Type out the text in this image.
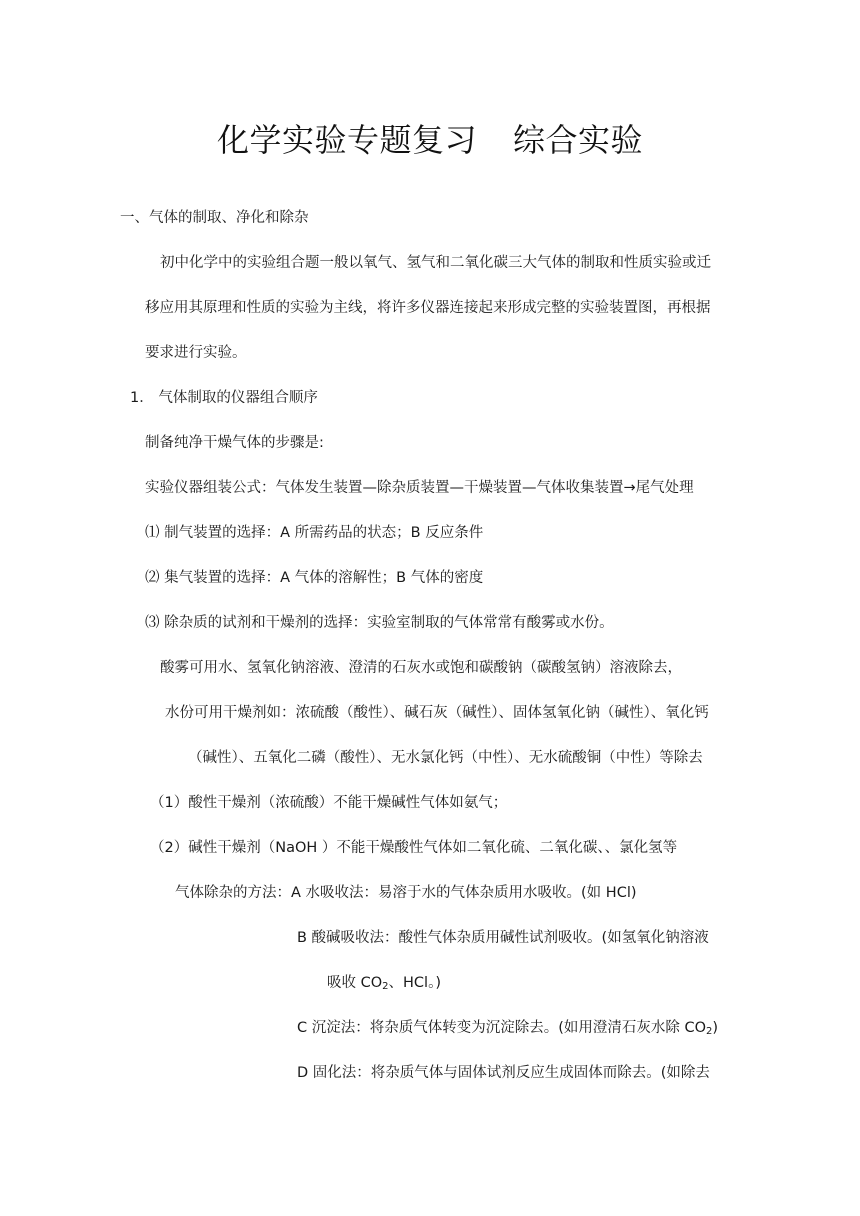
化学实验专题复习 综合实验
一、气体的制取、净化和除杂
初中化学中的实验组合题一般以氧气、氢气和二氧化碳三大气体的制取和性质实验或迁
移应用其原理和性质的实验为主线，将许多仪器连接起来形成完整的实验装置图，再根据
要求进行实验。
1． 气体制取的仪器组合顺序
制备纯净干燥气体的步骤是:
实验仪器组装公式：气体发生装置—除杂质装置—干燥装置—气体收集装置→尾气处理
⑴ 制气装置的选择：A 所需药品的状态；B 反应条件
⑵ 集气装置的选择：A 气体的溶解性；B 气体的密度
⑶ 除杂质的试剂和干燥剂的选择：实验室制取的气体常常有酸雾或水份。
酸雾可用水、氢氧化钠溶液、澄清的石灰水或饱和碳酸钠（碳酸氢钠）溶液除去，
水份可用干燥剂如：浓硫酸（酸性）、碱石灰（碱性）、固体氢氧化钠（碱性）、氧化钙
（碱性）、五氧化二磷（酸性）、无水氯化钙（中性）、无水硫酸铜（中性）等除去
（1）酸性干燥剂（浓硫酸）不能干燥碱性气体如氨气；
（2）碱性干燥剂（NaOH ）不能干燥酸性气体如二氧化硫、二氧化碳、、氯化氢等
气体除杂的方法：A 水吸收法：易溶于水的气体杂质用水吸收。(如 HCl)
B 酸碱吸收法：酸性气体杂质用碱性试剂吸收。(如氢氧化钠溶液
吸收 $CO_2$、HCl。)
C 沉淀法：将杂质气体转变为沉淀除去。(如用澄清石灰水除 $CO_2$)
D 固化法：将杂质气体与固体试剂反应生成固体而除去。(如除去
